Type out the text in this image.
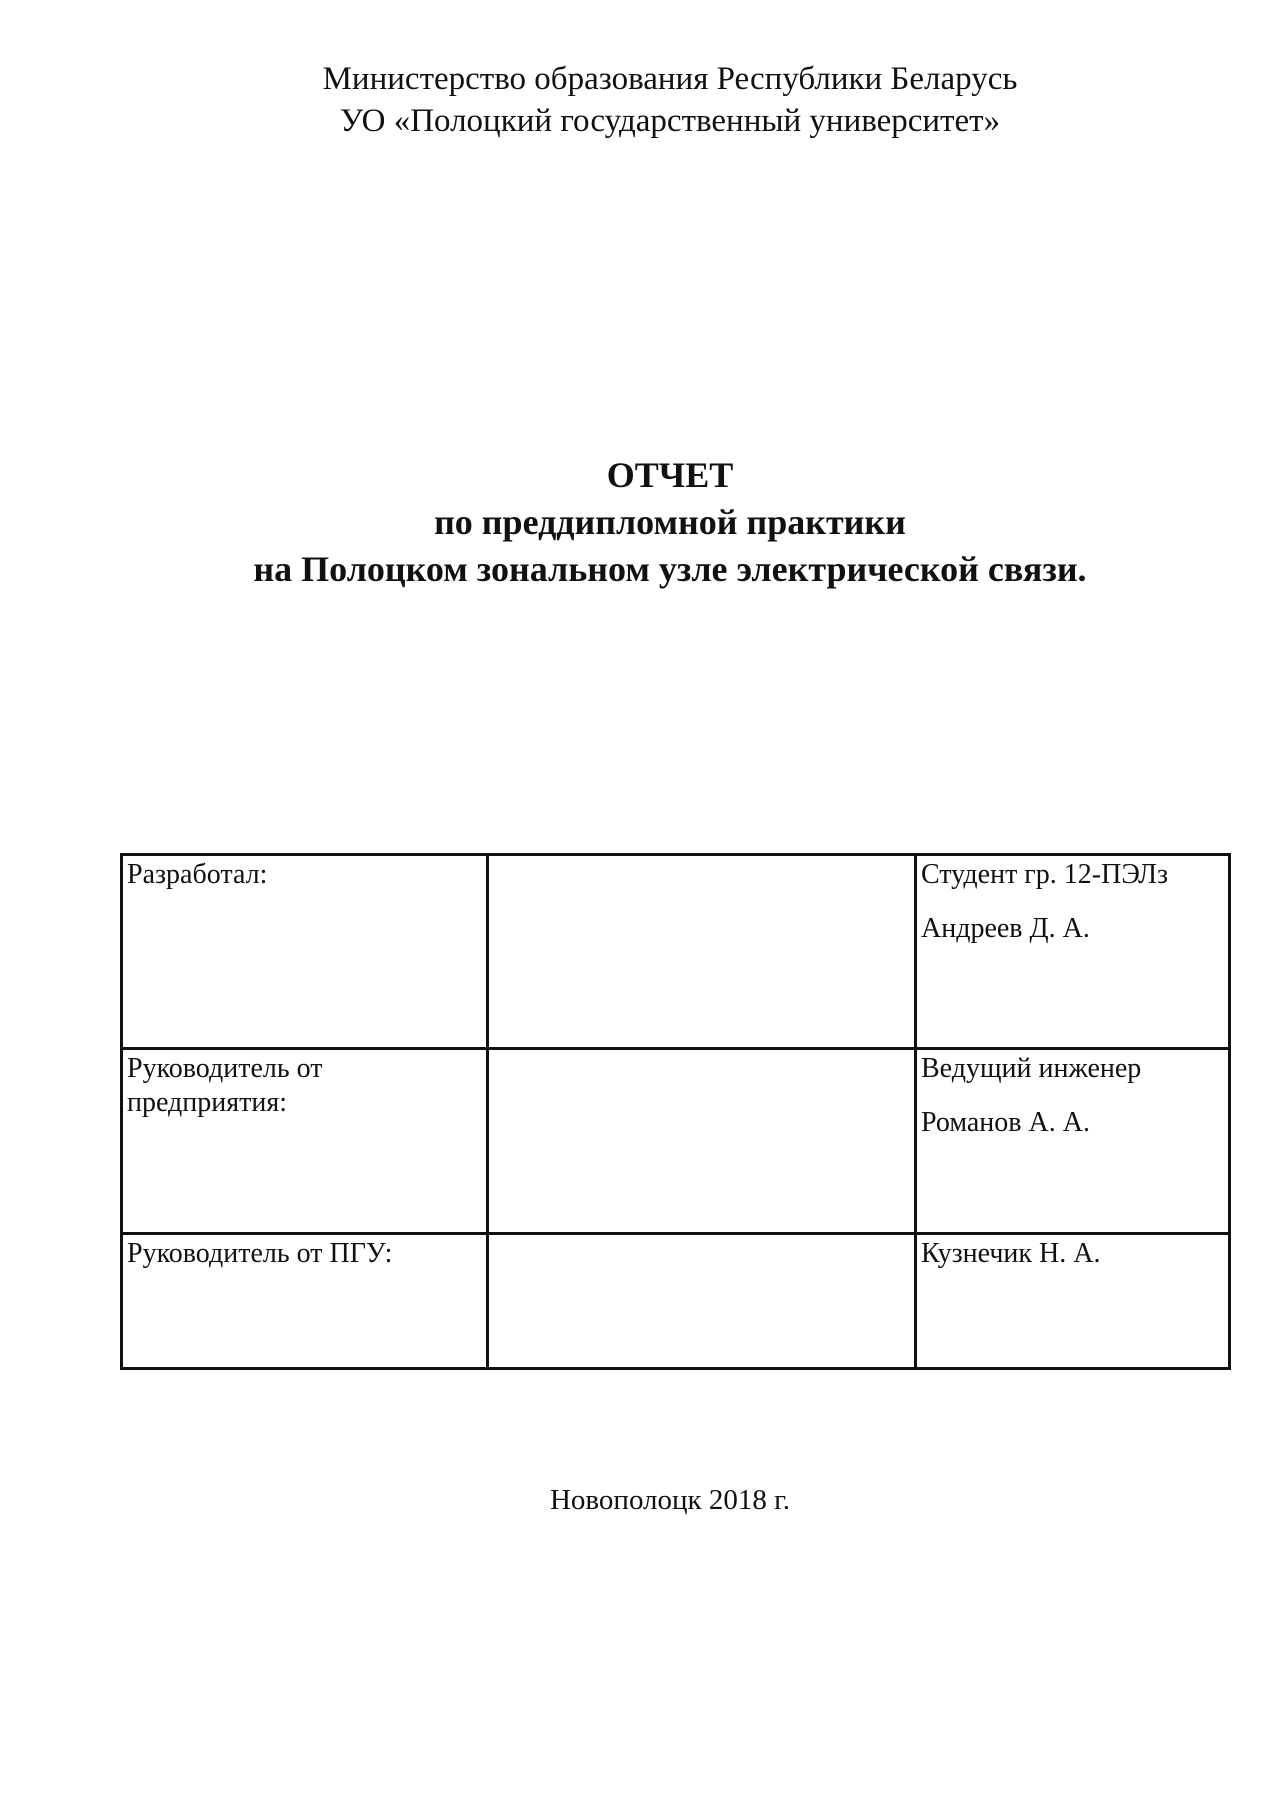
Министерство образования Республики Беларусь
УО «Полоцкий государственный университет»
ОТЧЕТ
по преддипломной практики
на Полоцком зональном узле электрической связи.
Разработал:		Студент гр. 12-ПЭЛз
Андреев Д. А.

Руководитель от предприятия:		Ведущий инженер
Романов А. А.

Руководитель от ПГУ:		Кузнечик Н. А.
Новополоцк 2018 г.
